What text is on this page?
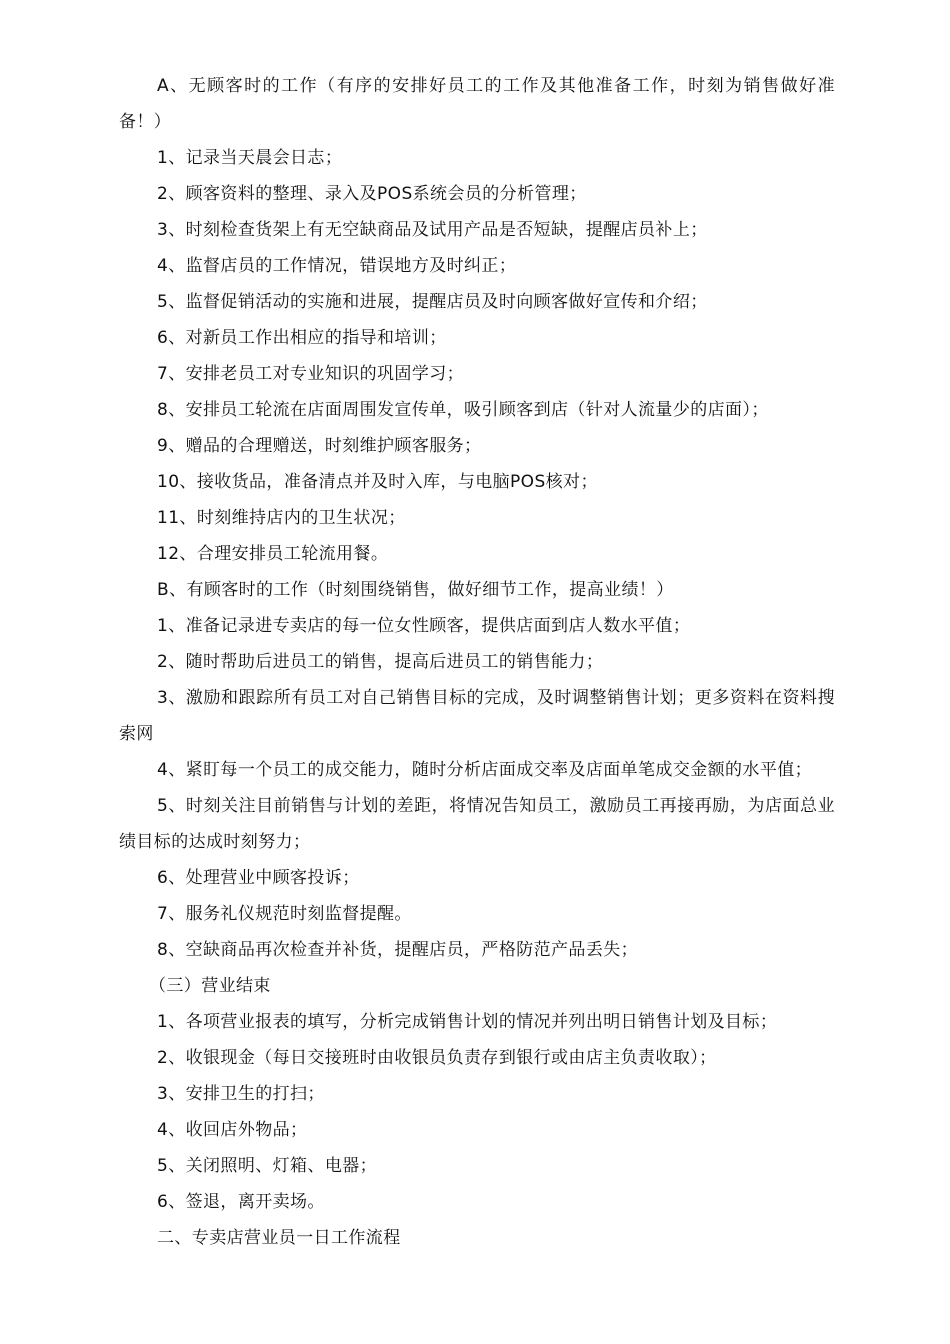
A、无顾客时的工作（有序的安排好员工的工作及其他准备工作，时刻为销售做好准备！）
1、记录当天晨会日志；
2、顾客资料的整理、录入及POS系统会员的分析管理；
3、时刻检查货架上有无空缺商品及试用产品是否短缺，提醒店员补上；
4、监督店员的工作情况，错误地方及时纠正；
5、监督促销活动的实施和进展，提醒店员及时向顾客做好宣传和介绍；
6、对新员工作出相应的指导和培训；
7、安排老员工对专业知识的巩固学习；
8、安排员工轮流在店面周围发宣传单，吸引顾客到店（针对人流量少的店面）；
9、赠品的合理赠送，时刻维护顾客服务；
10、接收货品，准备清点并及时入库，与电脑POS核对；
11、时刻维持店内的卫生状况；
12、合理安排员工轮流用餐。
B、有顾客时的工作（时刻围绕销售，做好细节工作，提高业绩！）
1、准备记录进专卖店的每一位女性顾客，提供店面到店人数水平值；
2、随时帮助后进员工的销售，提高后进员工的销售能力；
3、激励和跟踪所有员工对自己销售目标的完成，及时调整销售计划；更多资料在资料搜索网
4、紧盯每一个员工的成交能力，随时分析店面成交率及店面单笔成交金额的水平值；
5、时刻关注目前销售与计划的差距，将情况告知员工，激励员工再接再励，为店面总业绩目标的达成时刻努力；
6、处理营业中顾客投诉；
7、服务礼仪规范时刻监督提醒。
8、空缺商品再次检查并补货，提醒店员，严格防范产品丢失；
（三）营业结束
1、各项营业报表的填写，分析完成销售计划的情况并列出明日销售计划及目标；
2、收银现金（每日交接班时由收银员负责存到银行或由店主负责收取）；
3、安排卫生的打扫；
4、收回店外物品；
5、关闭照明、灯箱、电器；
6、签退，离开卖场。
二、专卖店营业员一日工作流程
